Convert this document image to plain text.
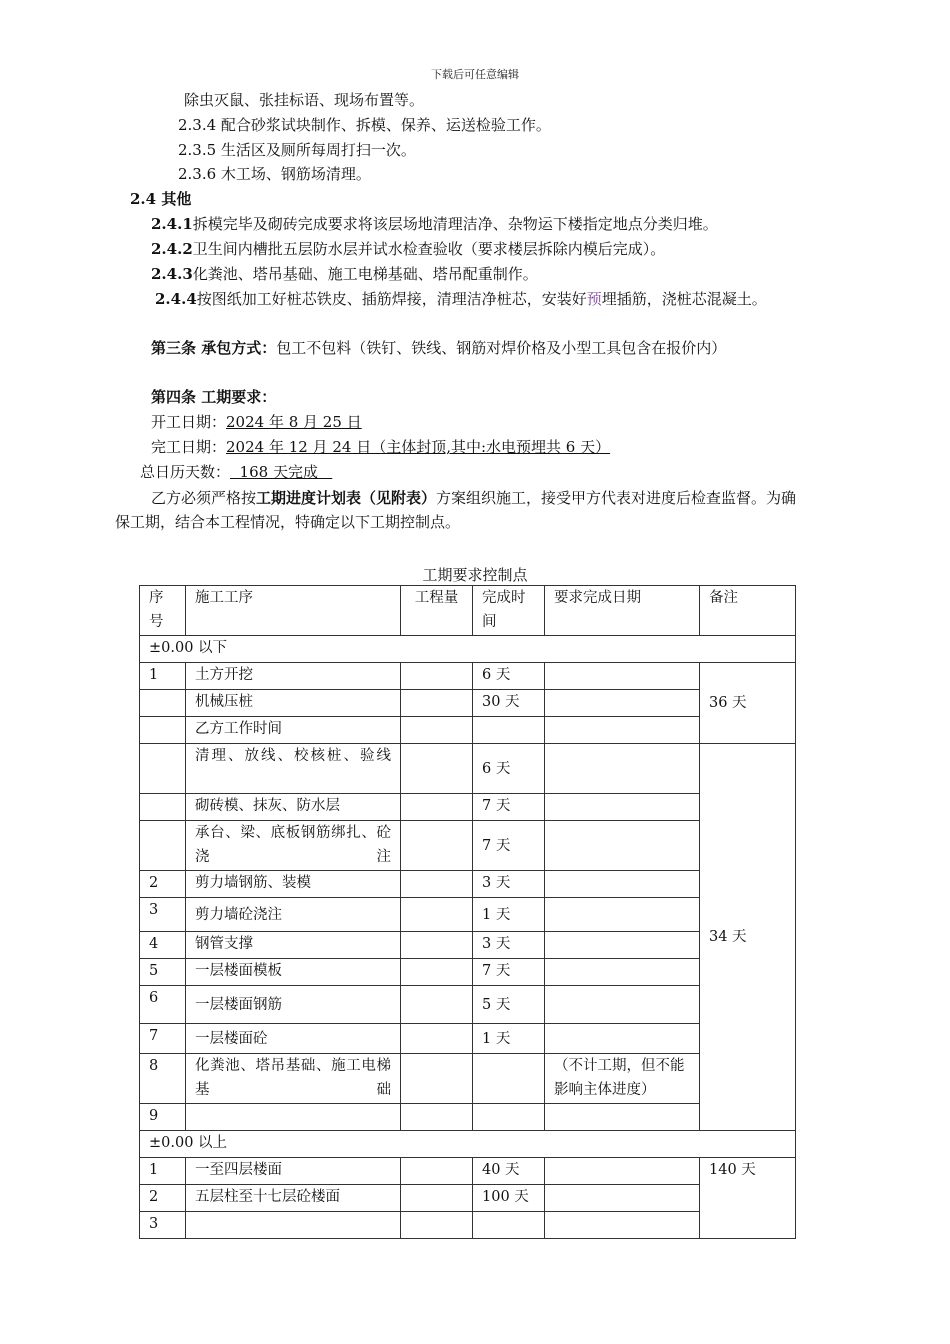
下载后可任意编辑
除虫灭鼠、张挂标语、现场布置等。
2.3.4 配合砂浆试块制作、拆模、保养、运送检验工作。
2.3.5 生活区及厕所每周打扫一次。
2.3.6 木工场、钢筋场清理。
2.4 其他
2.4.1拆模完毕及砌砖完成要求将该层场地清理洁净、杂物运下楼指定地点分类归堆。
2.4.2卫生间内槽批五层防水层并试水检查验收（要求楼层拆除内模后完成）。
2.4.3化粪池、塔吊基础、施工电梯基础、塔吊配重制作。
2.4.4按图纸加工好桩芯铁皮、插筋焊接，清理洁净桩芯，安装好预埋插筋，浇桩芯混凝土。
第三条 承包方式：包工不包料（铁钉、铁线、钢筋对焊价格及小型工具包含在报价内）
第四条 工期要求：
开工日期：2024 年 8 月 25 日
完工日期：2024 年 12 月 24 日（主体封顶,其中:水电预埋共 6 天）
总日历天数：  168 天完成
乙方必须严格按工期进度计划表（见附表）方案组织施工，接受甲方代表对进度后检查监督。为确
保工期，结合本工程情况，特确定以下工期控制点。
工期要求控制点
序号	施工工序	工程量	完成时间	要求完成日期	备注
±0.00 以下					
1	土方开挖		6 天		36 天
	机械压桩		30 天		
	乙方工作时间				
	清理、放线、校核桩、验线		6 天		34 天
	砌砖模、抹灰、防水层		7 天		
	承台、梁、底板钢筋绑扎、砼浇注		7 天		
2	剪力墙钢筋、装模		3 天		
3	剪力墙砼浇注		1 天		
4	钢管支撑		3 天		
5	一层楼面模板		7 天		
6	一层楼面钢筋		5 天		
7	一层楼面砼		1 天		
8	化粪池、塔吊基础、施工电梯基础			（不计工期，但不能影响主体进度）	
9					
±0.00 以上					
1	一至四层楼面		40 天		140 天
2	五层柱至十七层砼楼面		100 天		
3					
